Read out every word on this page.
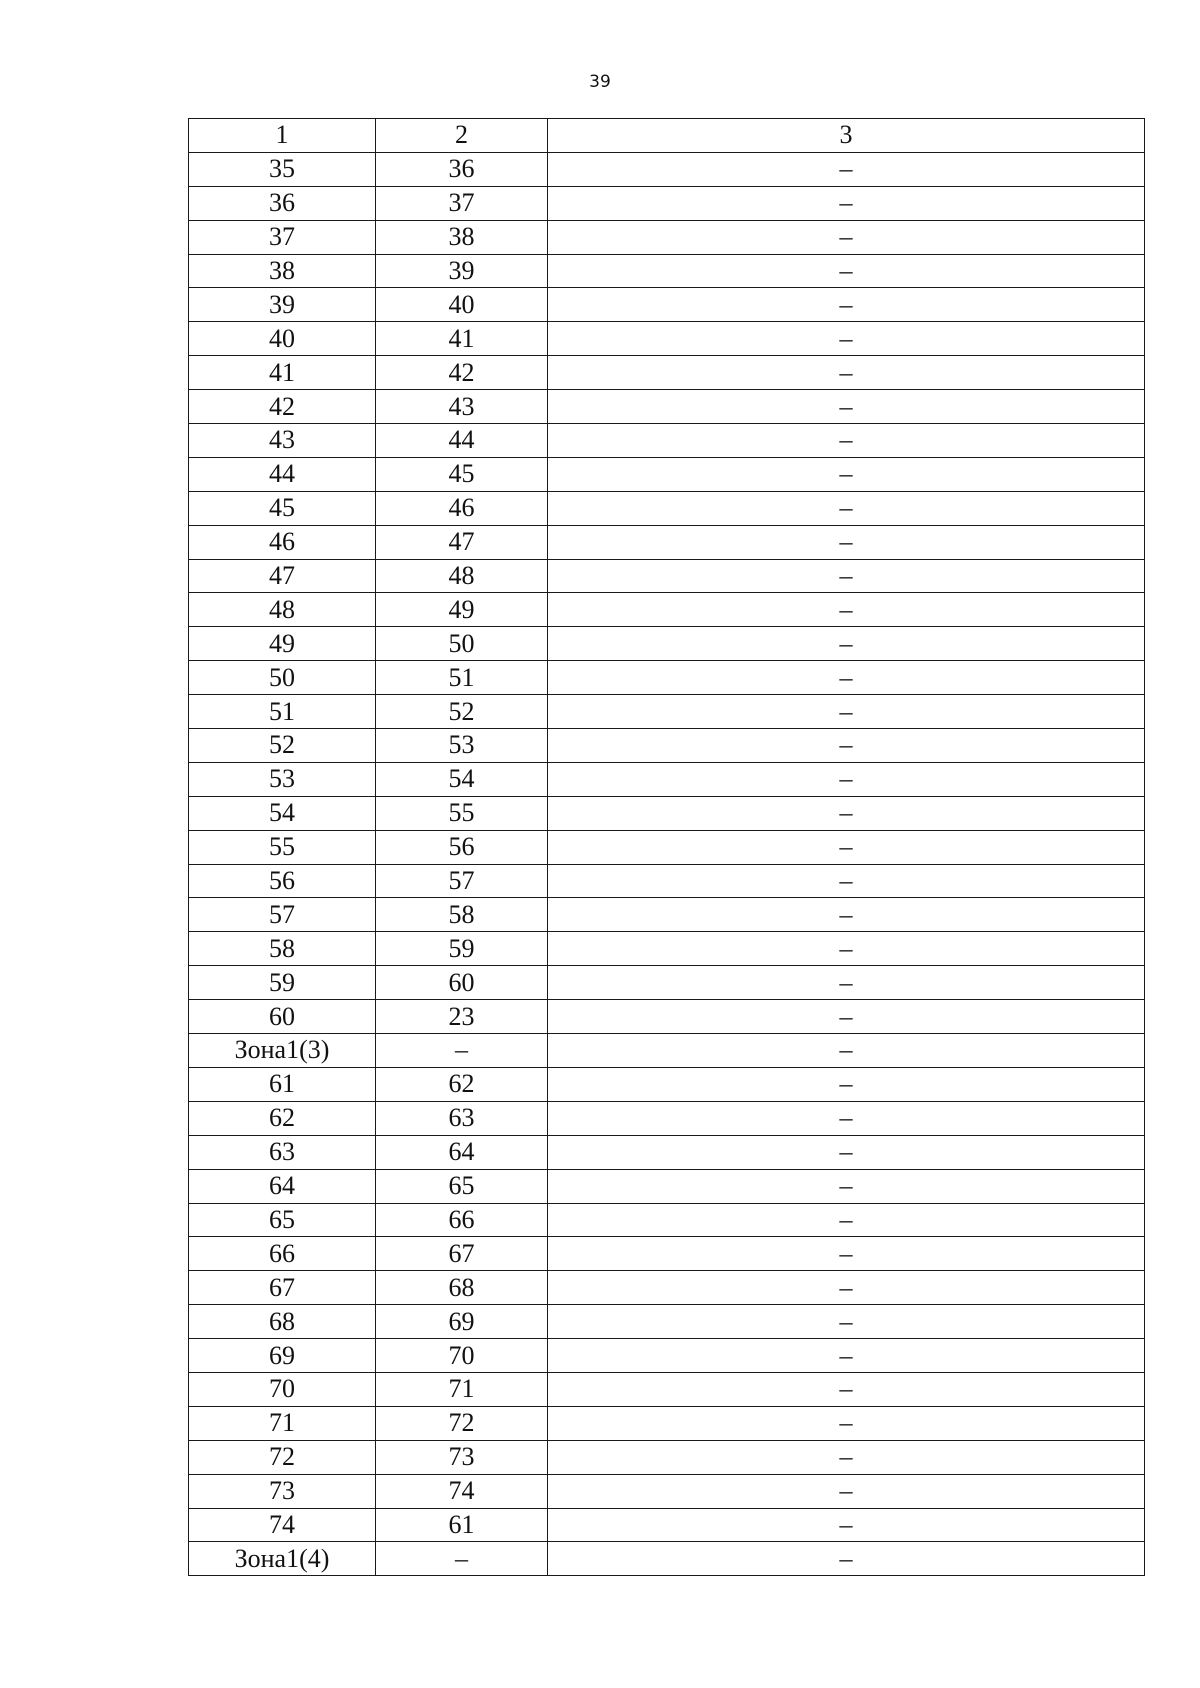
39
1	2	3
35	36	–
36	37	–
37	38	–
38	39	–
39	40	–
40	41	–
41	42	–
42	43	–
43	44	–
44	45	–
45	46	–
46	47	–
47	48	–
48	49	–
49	50	–
50	51	–
51	52	–
52	53	–
53	54	–
54	55	–
55	56	–
56	57	–
57	58	–
58	59	–
59	60	–
60	23	–
Зона1(3)	–	–
61	62	–
62	63	–
63	64	–
64	65	–
65	66	–
66	67	–
67	68	–
68	69	–
69	70	–
70	71	–
71	72	–
72	73	–
73	74	–
74	61	–
Зона1(4)	–	–
